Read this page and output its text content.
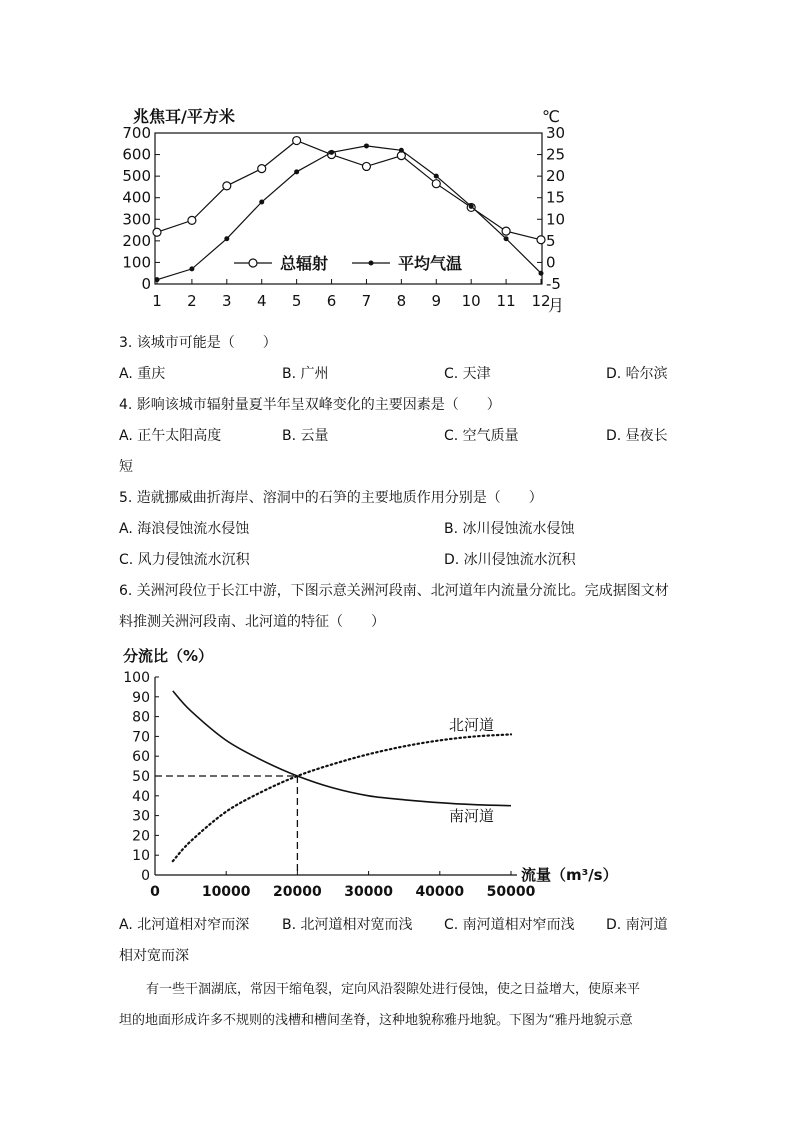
兆焦耳/平方米	℃
月
0
100
200
300
400
500
600
700
-5
0
5
10
15
20
25
30
1 2 3 4 5 6 7 8 9 10 11 12
总辐射	平均气温
3. 该城市可能是（　　）
A. 重庆	B. 广州	C. 天津	D. 哈尔滨
4. 影响该城市辐射量夏半年呈双峰变化的主要因素是（　　）
A. 正午太阳高度	B. 云量	C. 空气质量	D. 昼夜长
短
5. 造就挪威曲折海岸、溶洞中的石笋的主要地质作用分别是（　　）
A. 海浪侵蚀流水侵蚀	B. 冰川侵蚀流水侵蚀
C. 风力侵蚀流水沉积	D. 冰川侵蚀流水沉积
6. 关洲河段位于长江中游，下图示意关洲河段南、北河道年内流量分流比。完成据图文材
料推测关洲河段南、北河道的特征（　　）
分流比（%）
流量（m³/s）
0
10
20
30
40
50
60
70
80
90
100
0	10000 20000 30000 40000 50000
北河道
南河道
A. 北河道相对窄而深 B. 北河道相对宽而浅 C. 南河道相对窄而浅 D. 南河道
相对宽而深
有一些干涸湖底，常因干缩龟裂，定向风沿裂隙处进行侵蚀，使之日益增大，使原来平
坦的地面形成许多不规则的浅槽和槽间垄脊，这种地貌称雅丹地貌。下图为“雅丹地貌示意
